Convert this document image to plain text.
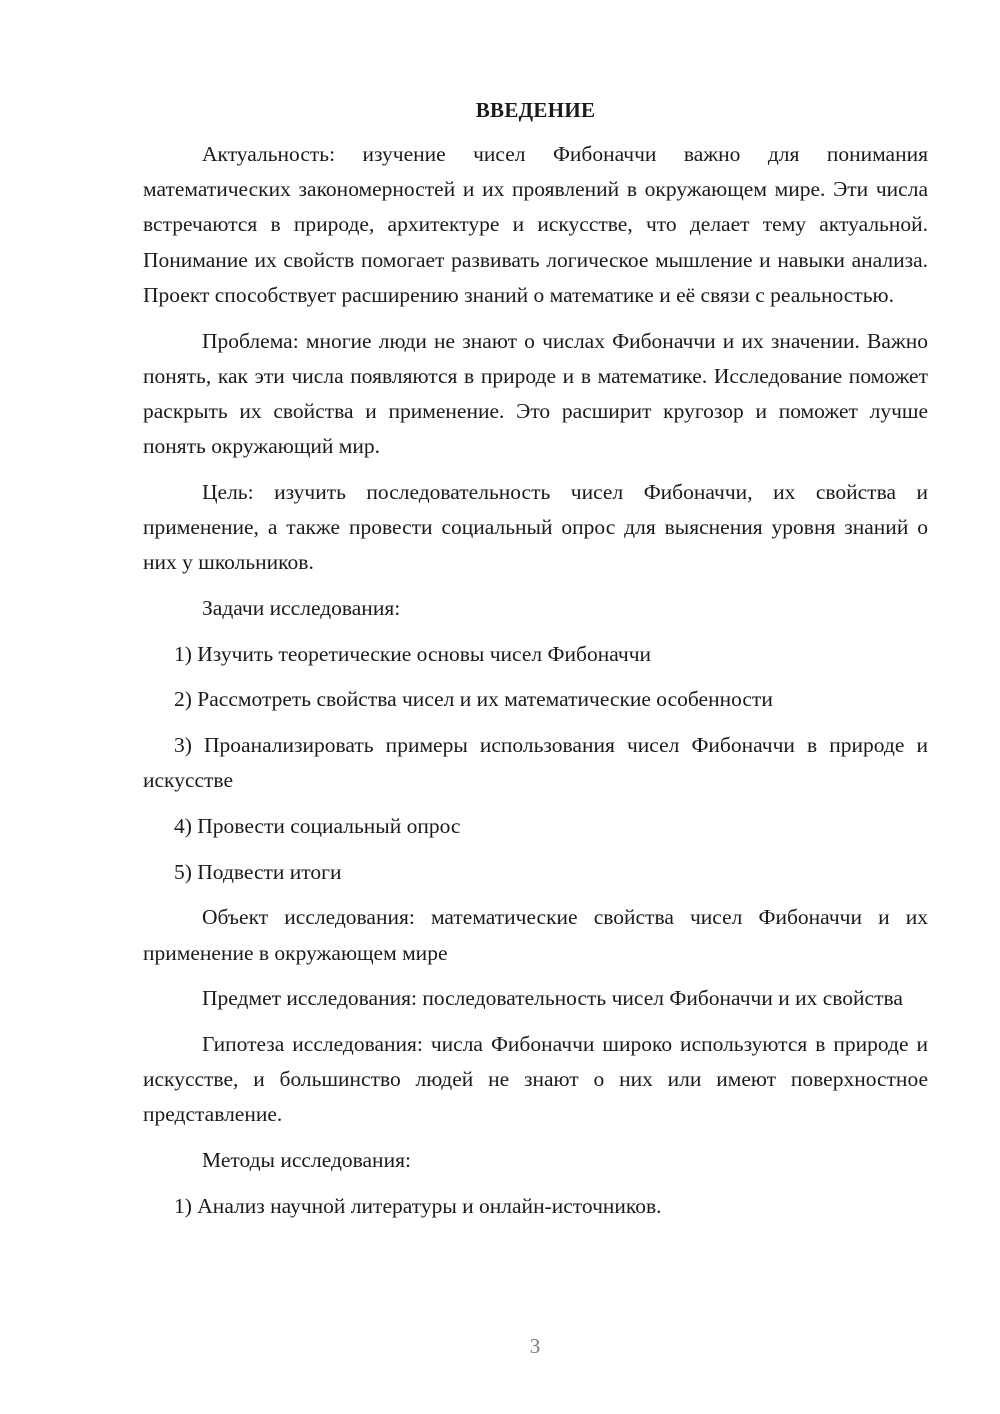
ВВЕДЕНИЕ

Актуальность: изучение чисел Фибоначчи важно для понимания математических закономерностей и их проявлений в окружающем мире. Эти числа встречаются в природе, архитектуре и искусстве, что делает тему актуальной. Понимание их свойств помогает развивать логическое мышление и навыки анализа. Проект способствует расширению знаний о математике и её связи с реальностью.

Проблема: многие люди не знают о числах Фибоначчи и их значении. Важно понять, как эти числа появляются в природе и в математике. Исследование поможет раскрыть их свойства и применение. Это расширит кругозор и поможет лучше понять окружающий мир.

Цель: изучить последовательность чисел Фибоначчи, их свойства и применение, а также провести социальный опрос для выяснения уровня знаний о них у школьников.

Задачи исследования:

1) Изучить теоретические основы чисел Фибоначчи

2) Рассмотреть свойства чисел и их математические особенности

3) Проанализировать примеры использования чисел Фибоначчи в природе и искусстве

4) Провести социальный опрос

5) Подвести итоги

Объект исследования: математические свойства чисел Фибоначчи и их применение в окружающем мире

Предмет исследования: последовательность чисел Фибоначчи и их свойства

Гипотеза исследования: числа Фибоначчи широко используются в природе и искусстве, и большинство людей не знают о них или имеют поверхностное представление.

Методы исследования:

1) Анализ научной литературы и онлайн-источников.

3
